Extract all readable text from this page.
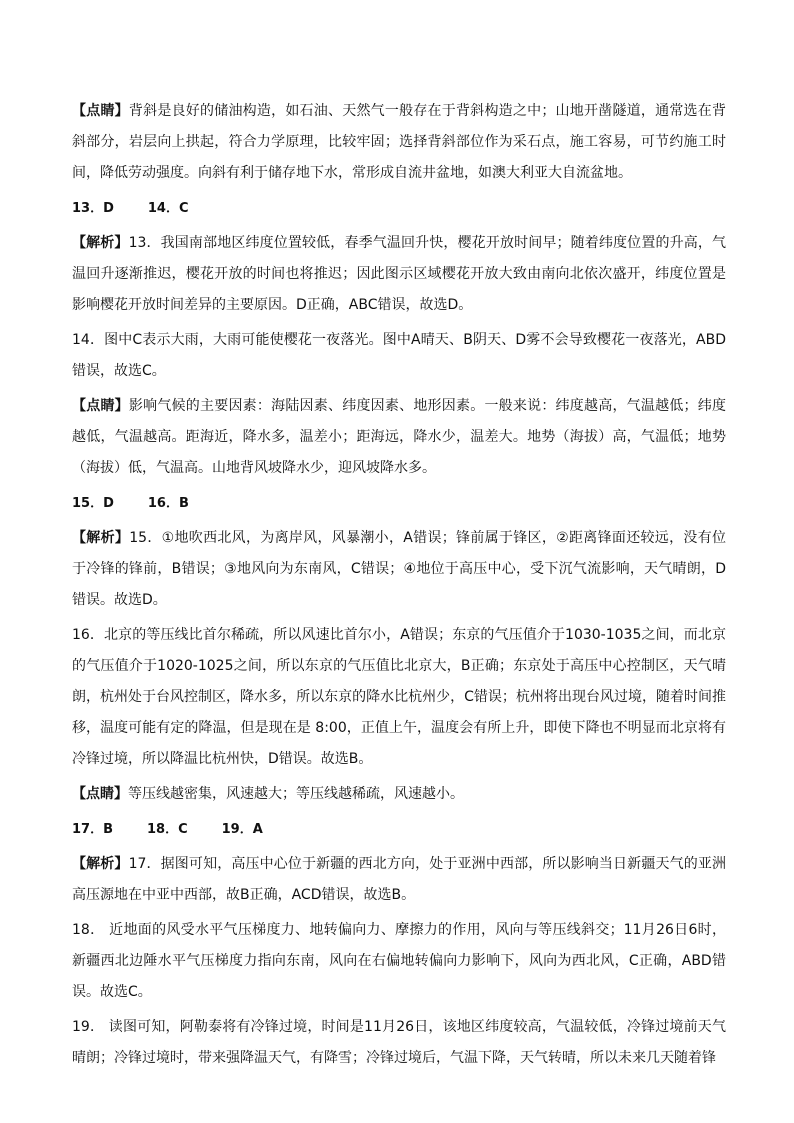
【点睛】背斜是良好的储油构造，如石油、天然气一般存在于背斜构造之中；山地开凿隧道，通常选在背斜部分，岩层向上拱起，符合力学原理，比较牢固；选择背斜部位作为采石点，施工容易，可节约施工时间，降低劳动强度。向斜有利于储存地下水，常形成自流井盆地，如澳大利亚大自流盆地。

13．D	14．C

【解析】13．我国南部地区纬度位置较低，春季气温回升快，樱花开放时间早；随着纬度位置的升高，气温回升逐渐推迟，樱花开放的时间也将推迟；因此图示区域樱花开放大致由南向北依次盛开，纬度位置是影响樱花开放时间差异的主要原因。D正确，ABC错误，故选D。

14．图中C表示大雨，大雨可能使樱花一夜落光。图中A晴天、B阴天、D雾不会导致樱花一夜落光，ABD错误，故选C。

【点睛】影响气候的主要因素：海陆因素、纬度因素、地形因素。一般来说：纬度越高，气温越低；纬度越低，气温越高。距海近，降水多，温差小；距海远，降水少，温差大。地势（海拔）高，气温低；地势（海拔）低，气温高。山地背风坡降水少，迎风坡降水多。

15．D	16．B

【解析】15．①地吹西北风，为离岸风，风暴潮小，A错误；锋前属于锋区，②距离锋面还较远，没有位于冷锋的锋前，B错误；③地风向为东南风，C错误；④地位于高压中心，受下沉气流影响，天气晴朗，D错误。故选D。

16．北京的等压线比首尔稀疏，所以风速比首尔小，A错误；东京的气压值介于1030-1035之间，而北京的气压值介于1020-1025之间，所以东京的气压值比北京大，B正确；东京处于高压中心控制区，天气晴朗，杭州处于台风控制区，降水多，所以东京的降水比杭州少，C错误；杭州将出现台风过境，随着时间推移，温度可能有定的降温，但是现在是 8:00，正值上午，温度会有所上升，即使下降也不明显而北京将有冷锋过境，所以降温比杭州快，D错误。故选B。

【点睛】等压线越密集，风速越大；等压线越稀疏，风速越小。

17．B	18．C	19．A

【解析】17．据图可知，高压中心位于新疆的西北方向，处于亚洲中西部，所以影响当日新疆天气的亚洲高压源地在中亚中西部，故B正确，ACD错误，故选B。

18． 近地面的风受水平气压梯度力、地转偏向力、摩擦力的作用，风向与等压线斜交；11月26日6时，新疆西北边陲水平气压梯度力指向东南，风向在右偏地转偏向力影响下，风向为西北风，C正确，ABD错误。故选C。

19． 读图可知，阿勒泰将有冷锋过境，时间是11月26日，该地区纬度较高，气温较低，冷锋过境前天气晴朗；冷锋过境时，带来强降温天气，有降雪；冷锋过境后，气温下降，天气转晴，所以未来几天随着锋
